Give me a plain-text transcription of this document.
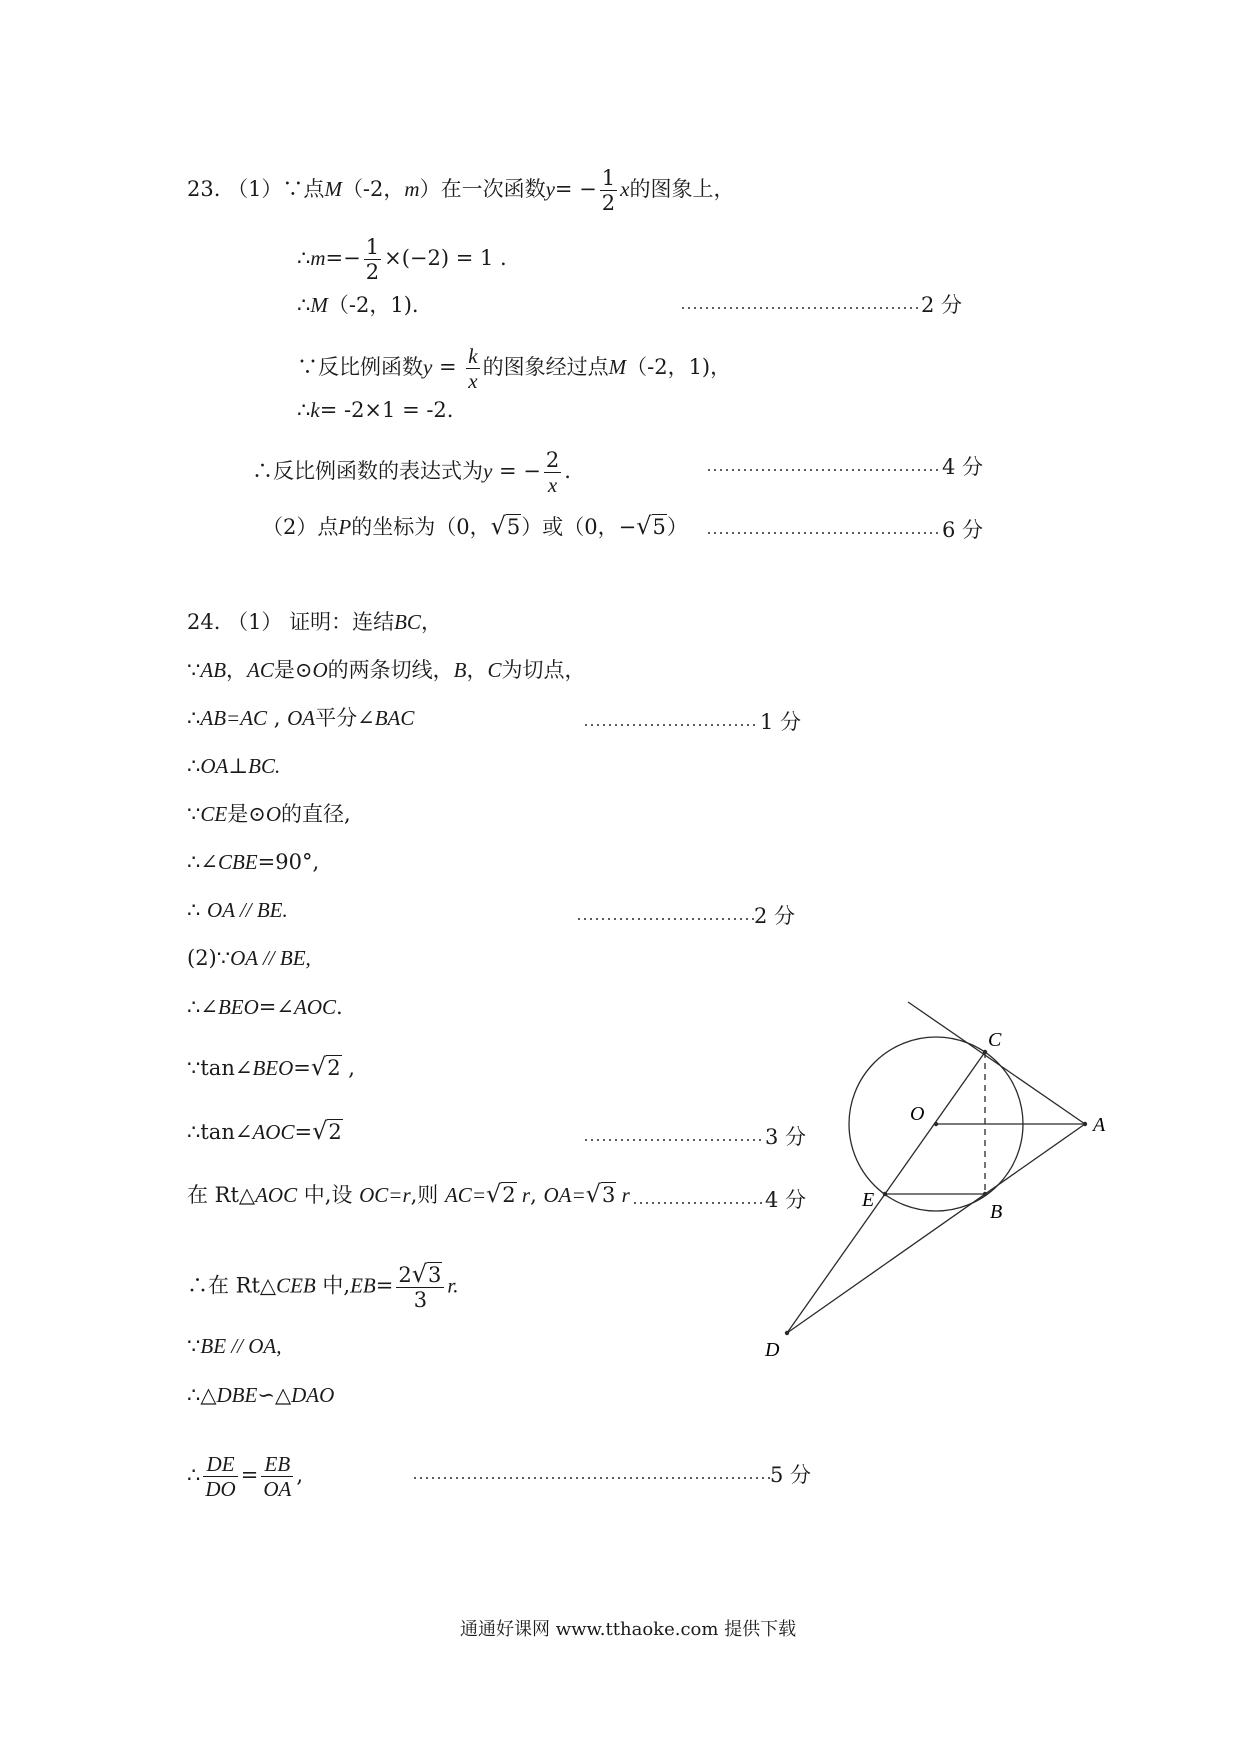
23. （1）∵点M（-2，m）在一次函数$y= - \frac{1}{2}$ x的图象上，
∴m=− $\frac{1}{2} \times(-2) = 1$ .
∴M（-2，1).	2 分
∵反比例函数$y = \frac{k}{x}$ 的图象经过点M（-2，1)，
∴k= -2×1 = -2.
∴反比例函数的表达式为y = − $\frac{2}{x}$ .	4 分
（2）点P的坐标为（0，√5）或（0，−√5）	6 分
24. （1） 证明：连结BC，
∵AB，AC是⊙O的两条切线，B，C为切点，
∴AB=AC , OA平分∠BAC	1 分
∴OA⊥BC.
∵CE是⊙O的直径,
∴∠CBE=90°,
∴ OA // BE.	2 分
(2)∵OA // BE,
∴∠BEO=∠AOC.
∵tan∠BEO=√2 ,
∴tan∠AOC=√2	3 分
在 Rt△AOC 中,设 OC=r,则 AC=√2 r, OA=√3 r	4 分
∴在 Rt△CEB 中$,EB= \frac{2√3}{3} r$.
∵BE // OA,
∴△DBE∽△DAO
∴ $\frac{DE}{DO} = \frac{EB}{OA}$ ,	5 分
C
O	A
E
B
D
通通好课网 www.tthaoke.com 提供下载
